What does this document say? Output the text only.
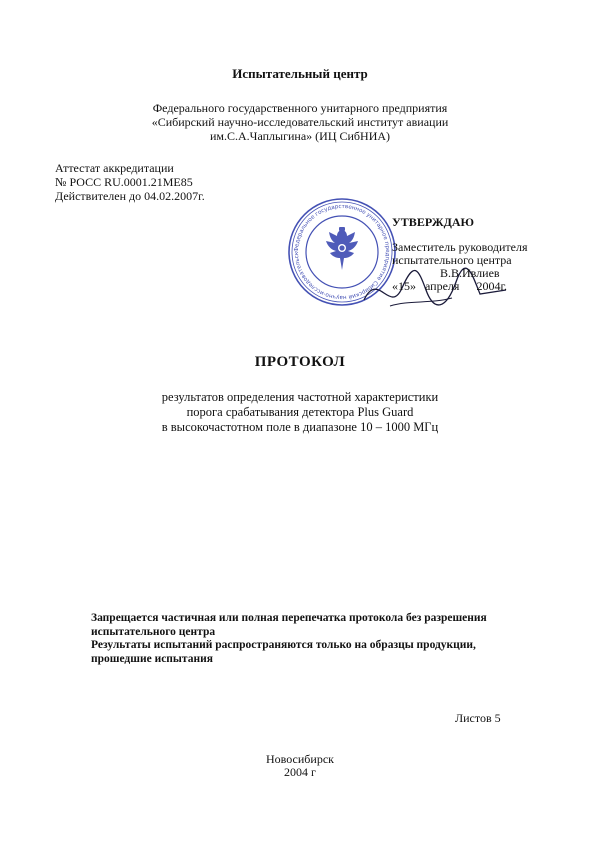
Испытательный центр
Федерального государственного унитарного предприятия
«Сибирский научно-исследовательский институт авиации
им.С.А.Чаплыгина» (ИЦ СибНИА)
Аттестат аккредитации
№ РОСС RU.0001.21МЕ85
Действителен до 04.02.2007г.
Федеральное государственное унитарное предприятие Сибирский научно-исследовательск
УТВЕРЖДАЮ
Заместитель руководителя
испытательного центра
В.В.Ивлиев
«15» апреля 2004г.
ПРОТОКОЛ
результатов определения частотной характеристики
порога срабатывания детектора Plus Guard
в высокочастотном поле в диапазоне 10 – 1000 МГц
Запрещается частичная или полная перепечатка протокола без разрешения
испытательного центра
Результаты испытаний распространяются только на образцы продукции,
прошедшие испытания
Листов 5
Новосибирск
2004 г
